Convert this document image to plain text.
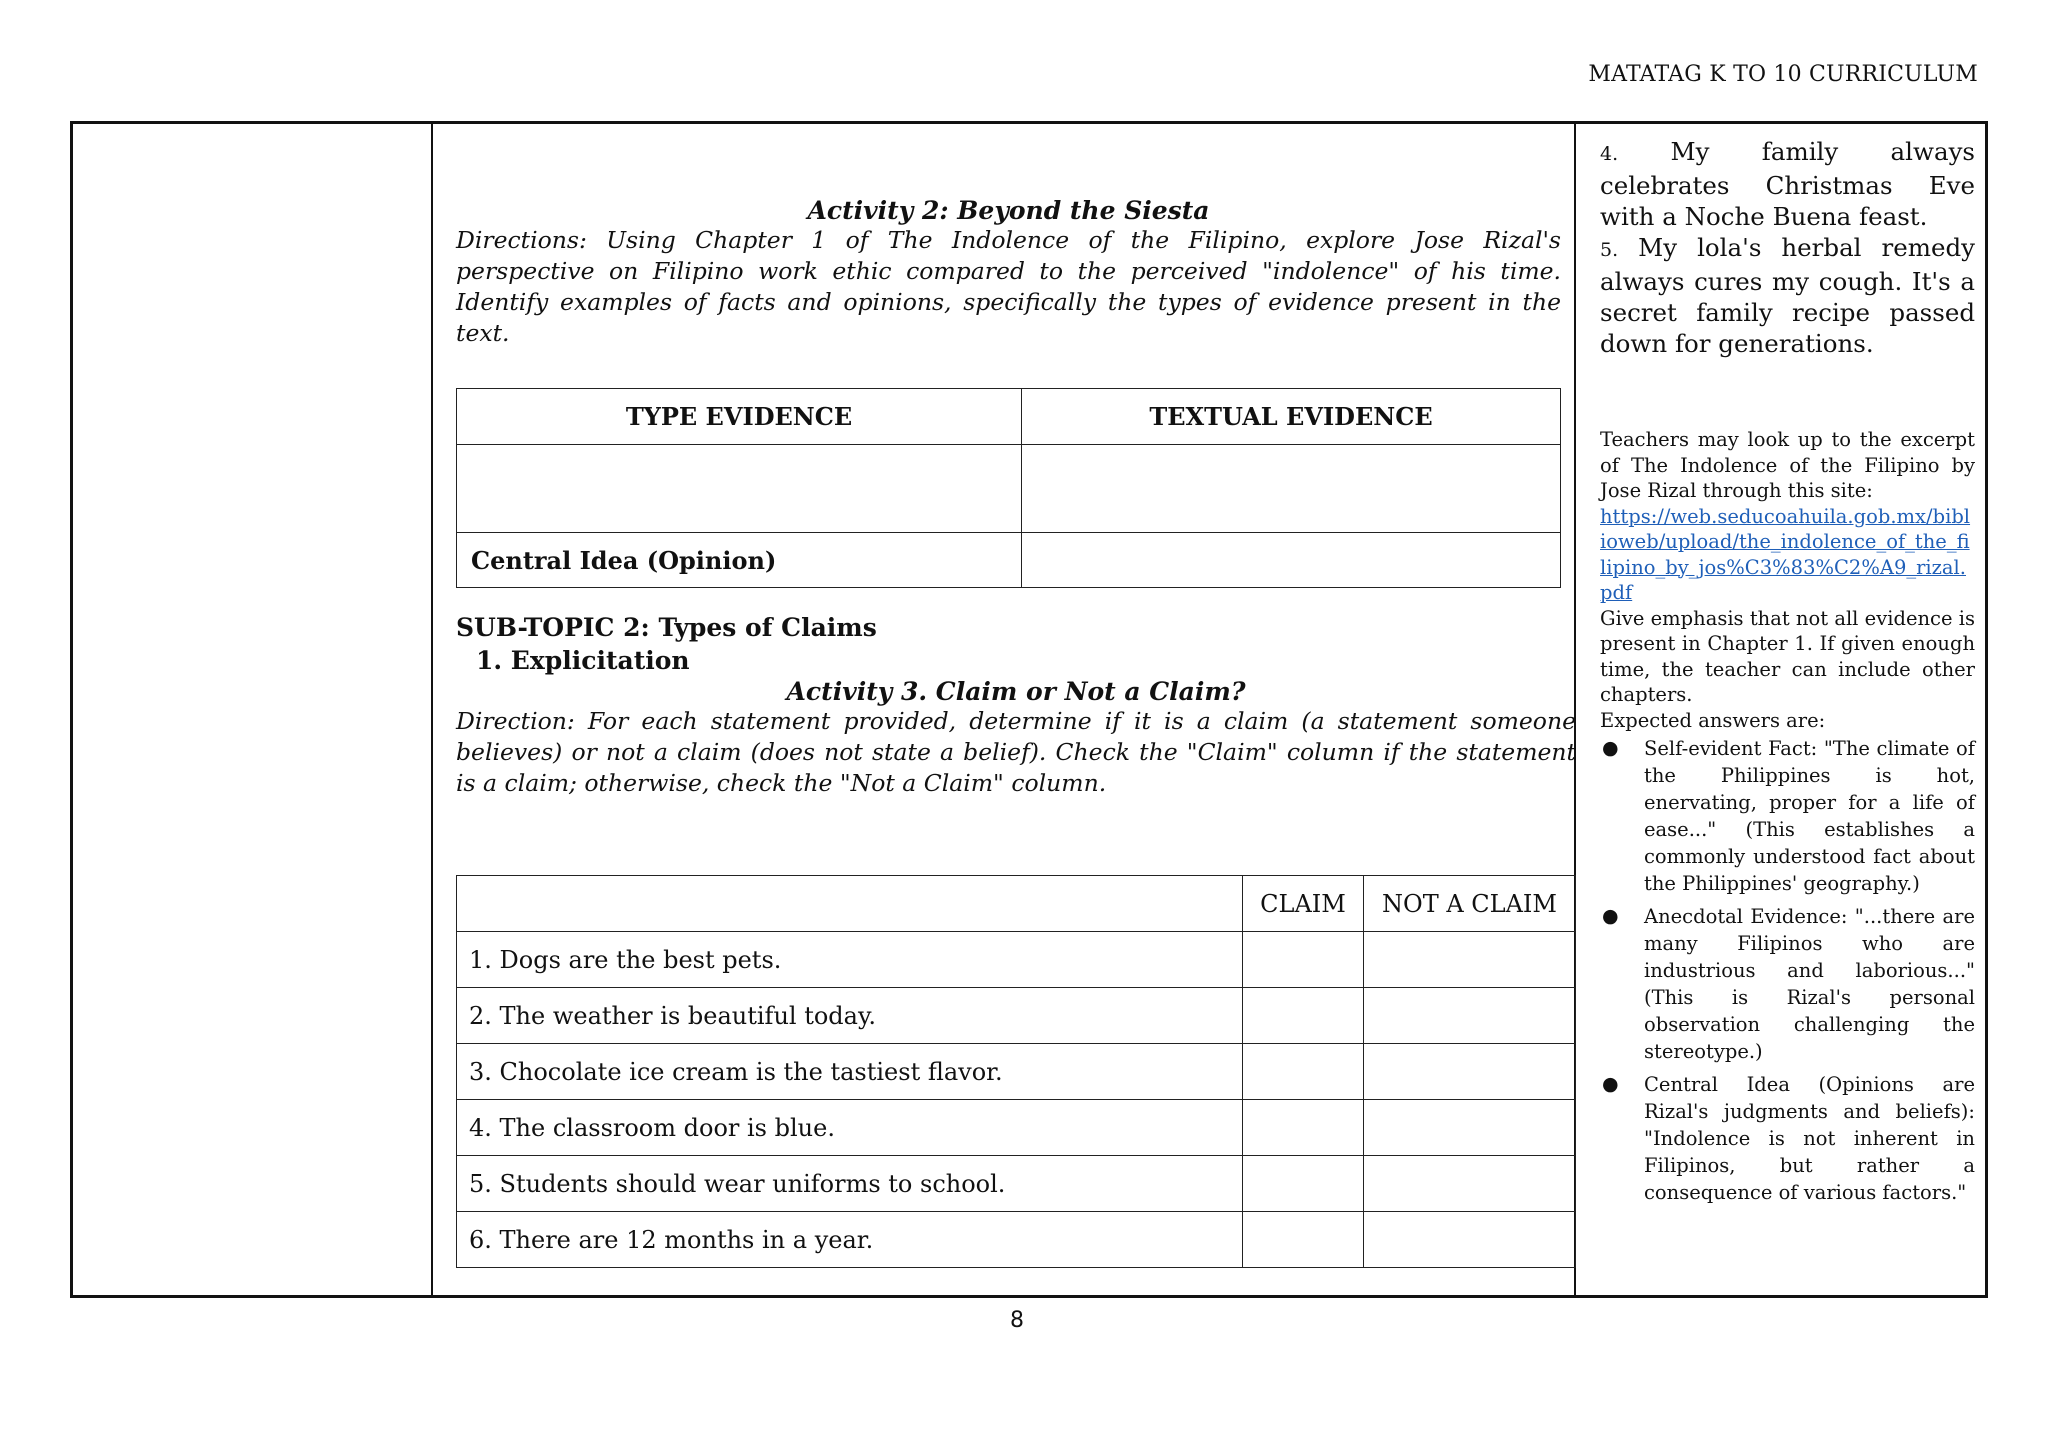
MATATAG K TO 10 CURRICULUM
Activity 2: Beyond the Siesta

Directions: Using Chapter 1 of The Indolence of the Filipino, explore Jose Rizal's perspective on Filipino work ethic compared to the perceived "indolence" of his time. Identify examples of facts and opinions, specifically the types of evidence present in the text.

TYPE EVIDENCE	TEXTUAL EVIDENCE

Central Idea (Opinion)	
SUB-TOPIC 2: Types of Claims
1. Explicitation
Activity 3. Claim or Not a Claim?

Direction: For each statement provided, determine if it is a claim (a statement someone believes) or not a claim (does not state a belief). Check the "Claim" column if the statement is a claim; otherwise, check the "Not a Claim" column.

	CLAIM	NOT A CLAIM
1. Dogs are the best pets.		
2. The weather is beautiful today.		
3. Chocolate ice cream is the tastiest flavor.		
4. The classroom door is blue.		
5. Students should wear uniforms to school.		
6. There are 12 months in a year.		

4. My family always celebrates Christmas Eve with a Noche Buena feast.

5. My lola's herbal remedy always cures my cough. It's a secret family recipe passed down for generations.

Teachers may look up to the excerpt of The Indolence of the Filipino by Jose Rizal through this site:

https://web.seducoahuila.gob.mx/biblioweb/upload/the_indolence_of_the_filipino_by_jos%C3%83%C2%A9_rizal.pdf

Give emphasis that not all evidence is present in Chapter 1. If given enough time, the teacher can include other chapters.

Expected answers are:

● Self-evident Fact: "The climate of the Philippines is hot, enervating, proper for a life of ease..." (This establishes a commonly understood fact about the Philippines' geography.)
● Anecdotal Evidence: "...there are many Filipinos who are industrious and laborious..." (This is Rizal's personal observation challenging the stereotype.)
● Central Idea (Opinions are Rizal's judgments and beliefs): "Indolence is not inherent in Filipinos, but rather a consequence of various factors."
8
